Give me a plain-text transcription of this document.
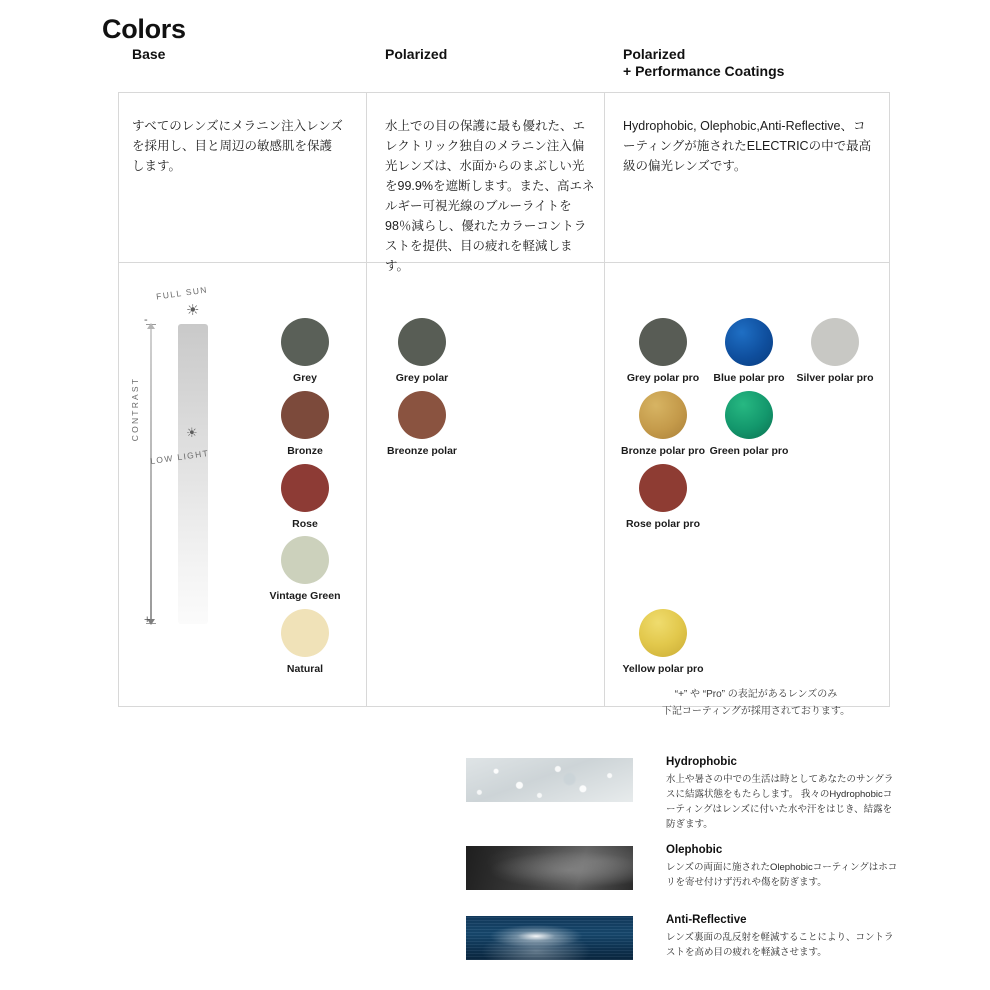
Colors
Base	Polarized	Polarized
+ Performance Coatings
すべてのレンズにメラニン注入レンズを採用し、目と周辺の敏感肌を保護します。
水上での目の保護に最も優れた、エレクトリック独自のメラニン注入偏光レンズは、水面からのまぶしい光を99.9%を遮断します。また、高エネルギー可視光線のブルーライトを98％減らし、優れたカラーコントラストを提供、目の疲れを軽減します。
Hydrophobic, Olephobic,Anti-Reflective、コーティングが施されたELECTRICの中で最高級の偏光レンズです。
FULL SUN
☀
CONTRAST
-
+
☀
LOW LIGHT
Grey
Bronze
Rose
Vintage Green
Natural
Grey polar
Breonze polar
Grey polar pro Blue polar pro Silver polar pro
Bronze polar pro Green polar pro
Rose polar pro
Yellow polar pro
“+” や “Pro” の表記があるレンズのみ
下記コーティングが採用されております。
Hydrophobic
水上や暑さの中での生活は時としてあなたのサングラスに結露状態をもたらします。 我々のHydrophobicコーティングはレンズに付いた水や汗をはじき、結露を防ぎます。
Olephobic
レンズの両面に施されたOlephobicコーティングはホコリを寄せ付けず汚れや傷を防ぎます。
Anti-Reflective
レンズ裏面の乱反射を軽減することにより、コントラストを高め目の疲れを軽減させます。
